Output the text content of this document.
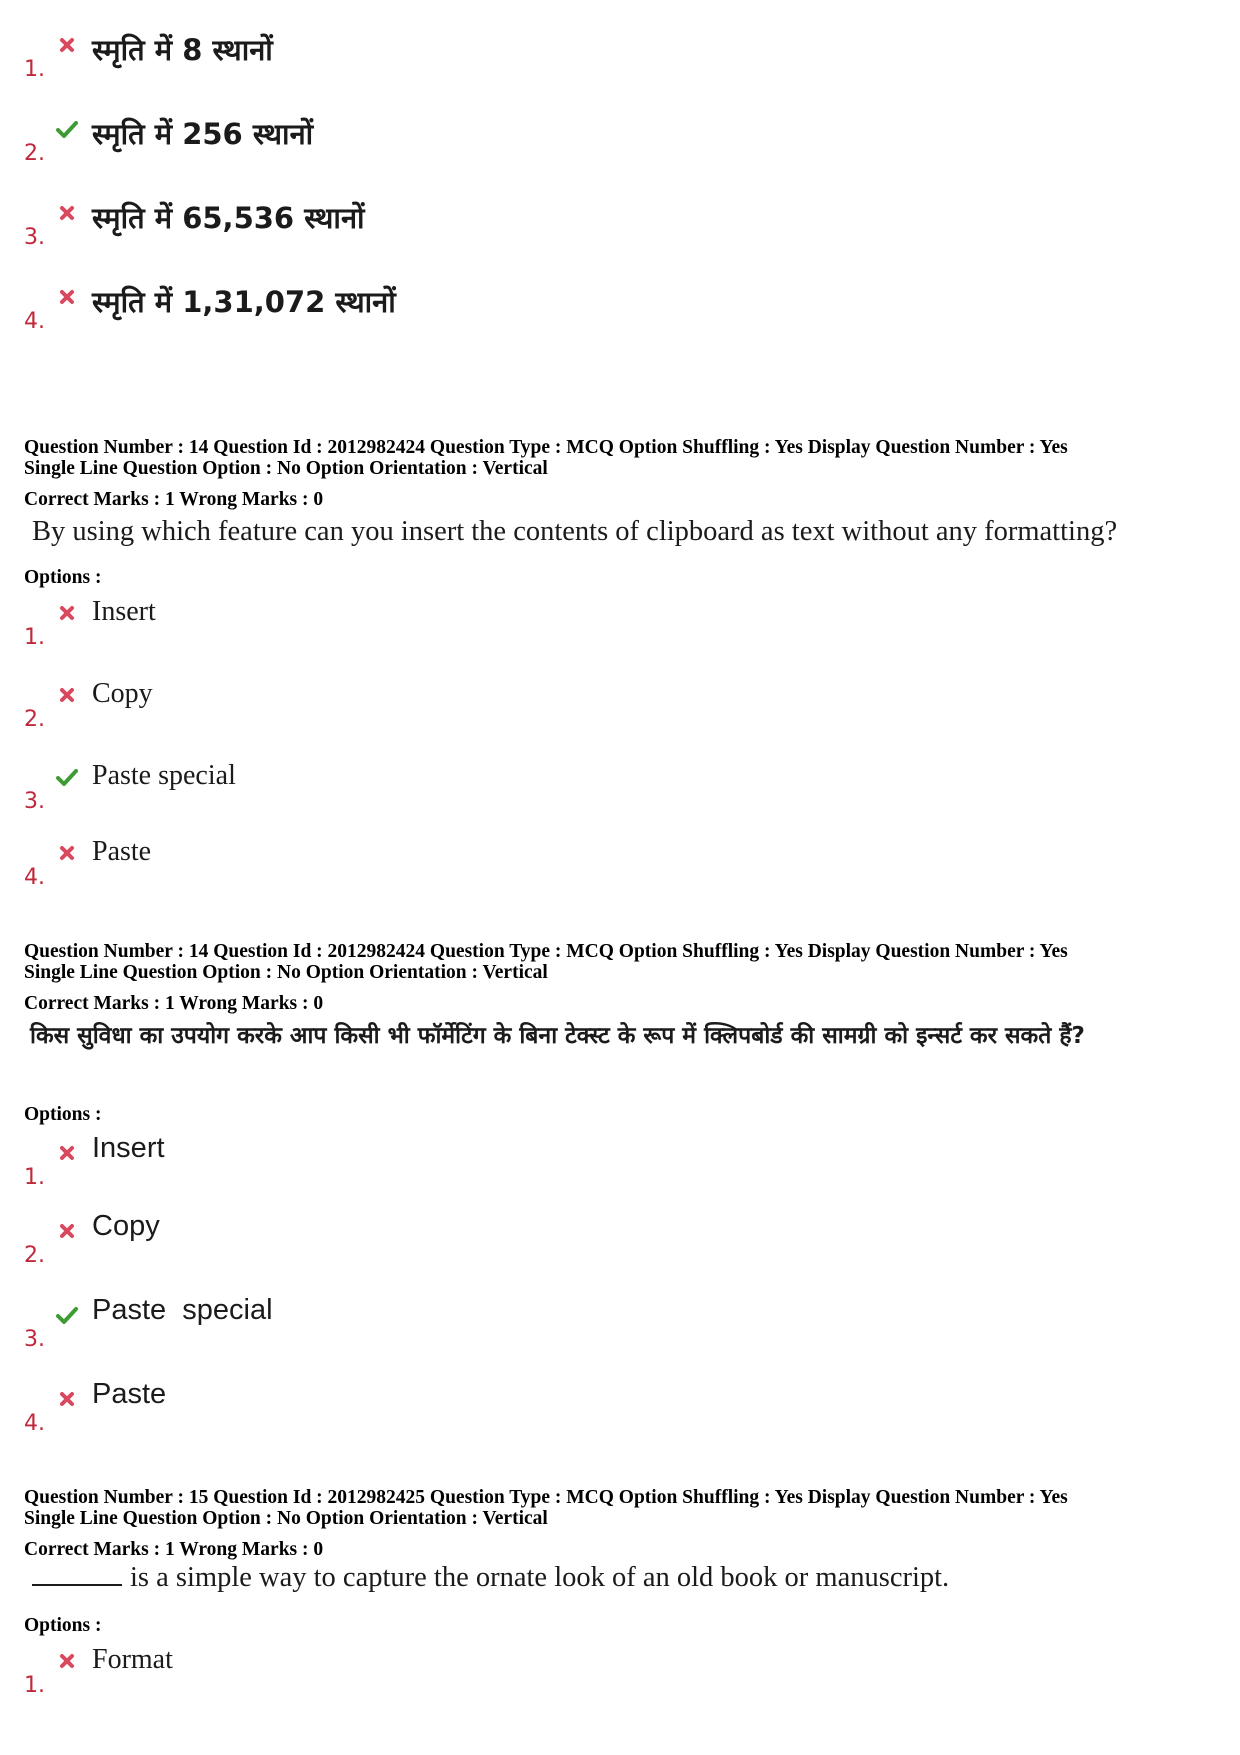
1.
स्मृति में 8 स्थानों
2.
स्मृति में 256 स्थानों
3.
स्मृति में 65,536 स्थानों
4.
स्मृति में 1,31,072 स्थानों
Question Number : 14 Question Id : 2012982424 Question Type : MCQ Option Shuffling : Yes Display Question Number : Yes
Single Line Question Option : No Option Orientation : Vertical
Correct Marks : 1 Wrong Marks : 0
By using which feature can you insert the contents of clipboard as text without any formatting?
Options :
1.
Insert
2.
Copy
3.
Paste special
4.
Paste
Question Number : 14 Question Id : 2012982424 Question Type : MCQ Option Shuffling : Yes Display Question Number : Yes
Single Line Question Option : No Option Orientation : Vertical
Correct Marks : 1 Wrong Marks : 0
किस सुविधा का उपयोग करके आप किसी भी फॉर्मेटिंग के बिना टेक्स्ट के रूप में क्लिपबोर्ड की सामग्री को इन्सर्ट कर सकते हैं?
Options :
1.
Insert
2.
Copy
3.
Paste  special
4.
Paste
Question Number : 15 Question Id : 2012982425 Question Type : MCQ Option Shuffling : Yes Display Question Number : Yes
Single Line Question Option : No Option Orientation : Vertical
Correct Marks : 1 Wrong Marks : 0
is a simple way to capture the ornate look of an old book or manuscript.
Options :
1.
Format
